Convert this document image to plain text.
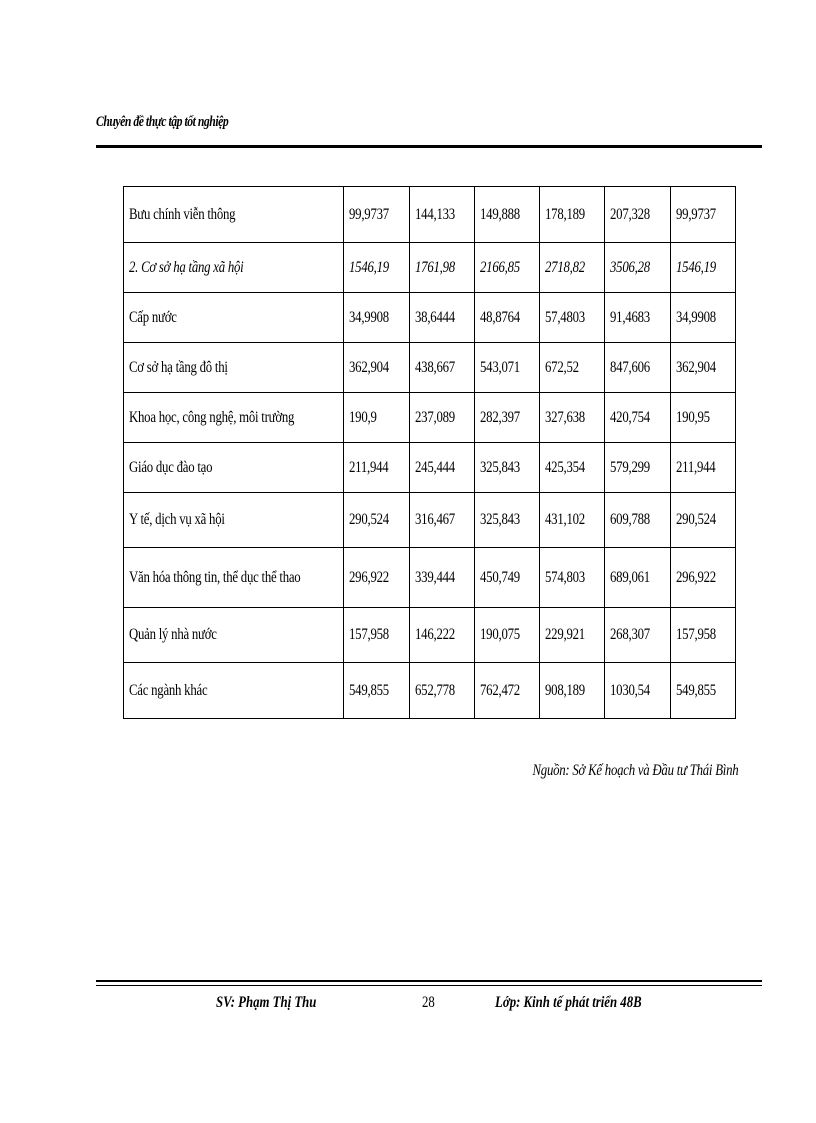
Chuyên đề thực tập tốt nghiệp
Bưu chính viễn thông	99,9737	144,133	149,888	178,189	207,328	99,9737
2. Cơ sở hạ tầng xã hội	1546,19	1761,98	2166,85	2718,82	3506,28	1546,19
Cấp nước	34,9908	38,6444	48,8764	57,4803	91,4683	34,9908
Cơ sở hạ tầng đô thị	362,904	438,667	543,071	672,52	847,606	362,904
Khoa học, công nghệ, môi trường	190,9	237,089	282,397	327,638	420,754	190,95
Giáo dục đào tạo	211,944	245,444	325,843	425,354	579,299	211,944
Y tế, dịch vụ xã hội	290,524	316,467	325,843	431,102	609,788	290,524
Văn hóa thông tin, thể dục thể thao	296,922	339,444	450,749	574,803	689,061	296,922
Quản lý nhà nước	157,958	146,222	190,075	229,921	268,307	157,958
Các ngành khác	549,855	652,778	762,472	908,189	1030,54	549,855
Nguồn: Sở Kế hoạch và Đầu tư Thái Bình
SV: Phạm Thị Thu	28	Lớp: Kinh tế phát triển 48B
